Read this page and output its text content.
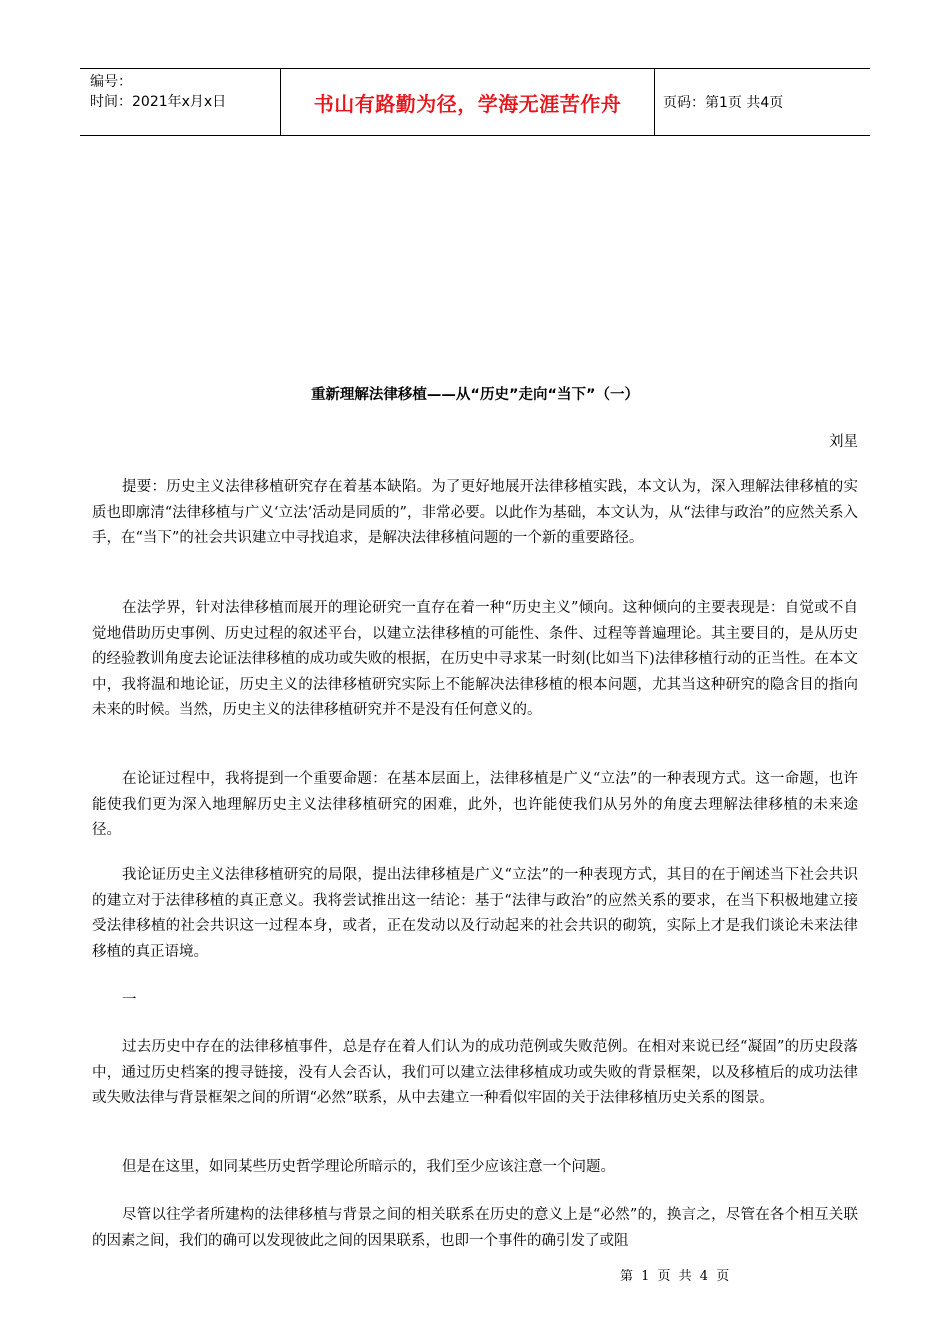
编号：
时间：2021年x月x日	书山有路勤为径，学海无涯苦作舟	页码：第1页 共4页
重新理解法律移植——从“历史”走向“当下”（一）
刘星

提要：历史主义法律移植研究存在着基本缺陷。为了更好地展开法律移植实践，本文认为，深入理解法律移植的实质也即廓清“法律移植与广义‘立法’活动是同质的”，非常必要。以此作为基础，本文认为，从“法律与政治”的应然关系入手，在“当下”的社会共识建立中寻找追求，是解决法律移植问题的一个新的重要路径。

在法学界，针对法律移植而展开的理论研究一直存在着一种“历史主义”倾向。这种倾向的主要表现是：自觉或不自觉地借助历史事例、历史过程的叙述平台，以建立法律移植的可能性、条件、过程等普遍理论。其主要目的，是从历史的经验教训角度去论证法律移植的成功或失败的根据，在历史中寻求某一时刻(比如当下)法律移植行动的正当性。在本文中，我将温和地论证，历史主义的法律移植研究实际上不能解决法律移植的根本问题，尤其当这种研究的隐含目的指向未来的时候。当然，历史主义的法律移植研究并不是没有任何意义的。

在论证过程中，我将提到一个重要命题：在基本层面上，法律移植是广义“立法”的一种表现方式。这一命题，也许能使我们更为深入地理解历史主义法律移植研究的困难，此外，也许能使我们从另外的角度去理解法律移植的未来途径。

我论证历史主义法律移植研究的局限，提出法律移植是广义“立法”的一种表现方式，其目的在于阐述当下社会共识的建立对于法律移植的真正意义。我将尝试推出这一结论：基于“法律与政治”的应然关系的要求，在当下积极地建立接受法律移植的社会共识这一过程本身，或者，正在发动以及行动起来的社会共识的砌筑，实际上才是我们谈论未来法律移植的真正语境。

一

过去历史中存在的法律移植事件，总是存在着人们认为的成功范例或失败范例。在相对来说已经“凝固”的历史段落中，通过历史档案的搜寻链接，没有人会否认，我们可以建立法律移植成功或失败的背景框架，以及移植后的成功法律或失败法律与背景框架之间的所谓“必然”联系，从中去建立一种看似牢固的关于法律移植历史关系的图景。

但是在这里，如同某些历史哲学理论所暗示的，我们至少应该注意一个问题。

尽管以往学者所建构的法律移植与背景之间的相关联系在历史的意义上是“必然”的，换言之，尽管在各个相互关联的因素之间，我们的确可以发现彼此之间的因果联系，也即一个事件的确引发了或阻

第 1 页 共 4 页
